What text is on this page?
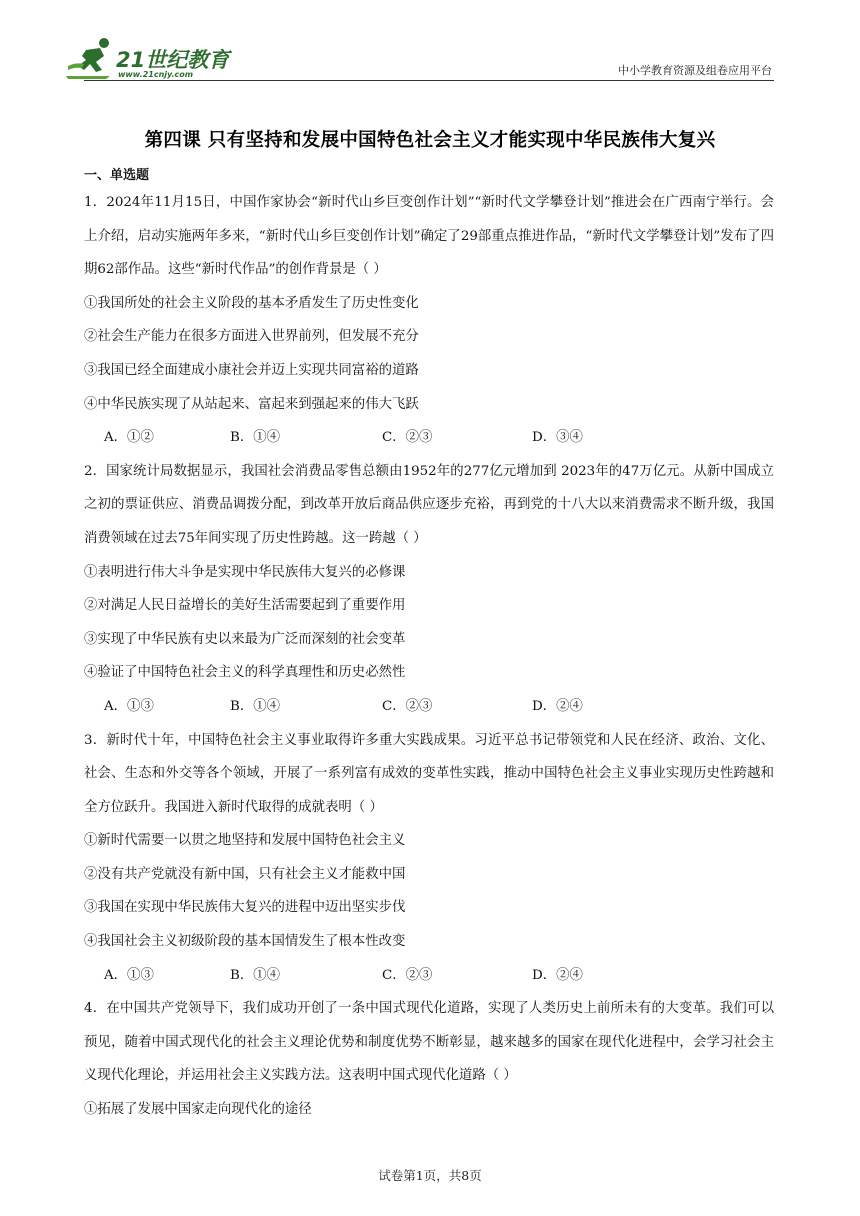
21世纪教育
www.21cnjy.com	中小学教育资源及组卷应用平台
第四课 只有坚持和发展中国特色社会主义才能实现中华民族伟大复兴
一、单选题
1．2024年11月15日，中国作家协会“新时代山乡巨变创作计划”“新时代文学攀登计划”推进会在广西南宁举行。会上介绍，启动实施两年多来，“新时代山乡巨变创作计划”确定了29部重点推进作品，“新时代文学攀登计划”发布了四期62部作品。这些“新时代作品”的创作背景是（ ）
①我国所处的社会主义阶段的基本矛盾发生了历史性变化
②社会生产能力在很多方面进入世界前列，但发展不充分
③我国已经全面建成小康社会并迈上实现共同富裕的道路
④中华民族实现了从站起来、富起来到强起来的伟大飞跃
A．①②	B．①④	C．②③	D．③④
2．国家统计局数据显示，我国社会消费品零售总额由1952年的277亿元增加到 2023年的47万亿元。从新中国成立之初的票证供应、消费品调拨分配，到改革开放后商品供应逐步充裕，再到党的十八大以来消费需求不断升级，我国消费领域在过去75年间实现了历史性跨越。这一跨越（ ）
①表明进行伟大斗争是实现中华民族伟大复兴的必修课
②对满足人民日益增长的美好生活需要起到了重要作用
③实现了中华民族有史以来最为广泛而深刻的社会变革
④验证了中国特色社会主义的科学真理性和历史必然性
A．①③	B．①④	C．②③	D．②④
3．新时代十年，中国特色社会主义事业取得许多重大实践成果。习近平总书记带领党和人民在经济、政治、文化、社会、生态和外交等各个领域，开展了一系列富有成效的变革性实践，推动中国特色社会主义事业实现历史性跨越和全方位跃升。我国进入新时代取得的成就表明（ ）
①新时代需要一以贯之地坚持和发展中国特色社会主义
②没有共产党就没有新中国，只有社会主义才能救中国
③我国在实现中华民族伟大复兴的进程中迈出坚实步伐
④我国社会主义初级阶段的基本国情发生了根本性改变
A．①③	B．①④	C．②③	D．②④
4．在中国共产党领导下，我们成功开创了一条中国式现代化道路，实现了人类历史上前所未有的大变革。我们可以预见，随着中国式现代化的社会主义理论优势和制度优势不断彰显，越来越多的国家在现代化进程中，会学习社会主义现代化理论，并运用社会主义实践方法。这表明中国式现代化道路（ ）
①拓展了发展中国家走向现代化的途径
试卷第1页，共8页
